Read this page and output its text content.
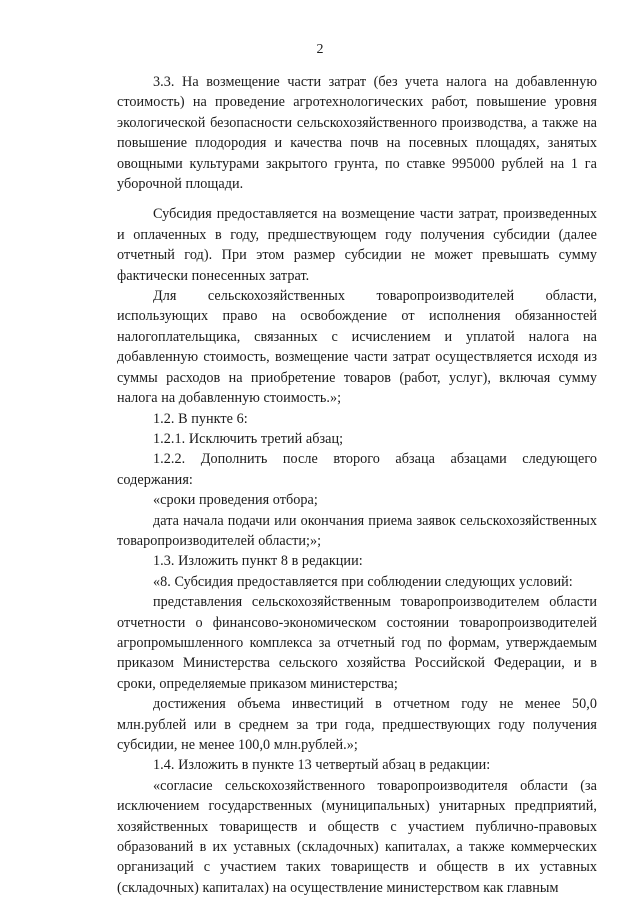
2

3.3. На возмещение части затрат (без учета налога на добавленную стоимость) на проведение агротехнологических работ, повышение уровня экологической безопасности сельскохозяйственного производства, а также на повышение плодородия и качества почв на посевных площадях, занятых овощными культурами закрытого грунта, по ставке 995000 рублей на 1 га уборочной площади.

Субсидия предоставляется на возмещение части затрат, произведенных и оплаченных в году, предшествующем году получения субсидии (далее отчетный год). При этом размер субсидии не может превышать сумму фактически понесенных затрат.

Для сельскохозяйственных товаропроизводителей области, использующих право на освобождение от исполнения обязанностей налогоплательщика, связанных с исчислением и уплатой налога на добавленную стоимость, возмещение части затрат осуществляется исходя из суммы расходов на приобретение товаров (работ, услуг), включая сумму налога на добавленную стоимость.»;

1.2. В пункте 6:

1.2.1. Исключить третий абзац;

1.2.2. Дополнить после второго абзаца абзацами следующего содержания:

«сроки проведения отбора;

дата начала подачи или окончания приема заявок сельскохозяйственных товаропроизводителей области;»;

1.3. Изложить пункт 8 в редакции:

«8. Субсидия предоставляется при соблюдении следующих условий:

представления сельскохозяйственным товаропроизводителем области отчетности о финансово-экономическом состоянии товаропроизводителей агропромышленного комплекса за отчетный год по формам, утверждаемым приказом Министерства сельского хозяйства Российской Федерации, и в сроки, определяемые приказом министерства;

достижения объема инвестиций в отчетном году не менее 50,0 млн.рублей или в среднем за три года, предшествующих году получения субсидии, не менее 100,0 млн.рублей.»;

1.4. Изложить в пункте 13 четвертый абзац в редакции:

«согласие сельскохозяйственного товаропроизводителя области (за исключением государственных (муниципальных) унитарных предприятий, хозяйственных товариществ и обществ с участием публично-правовых образований в их уставных (складочных) капиталах, а также коммерческих организаций с участием таких товариществ и обществ в их уставных (складочных) капиталах) на осуществление министерством как главным
